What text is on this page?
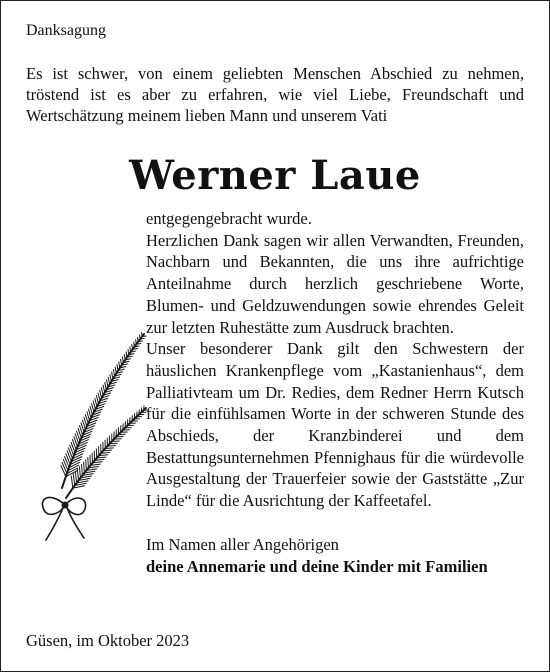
Danksagung

Es ist schwer, von einem geliebten Menschen Abschied zu nehmen, tröstend ist es aber zu erfahren, wie viel Liebe, Freundschaft und Wertschätzung meinem lieben Mann und unserem Vati

Werner Laue

entgegengebracht wurde.

Herzlichen Dank sagen wir allen Verwandten, Freunden, Nachbarn und Bekannten, die uns ihre aufrichtige Anteilnahme durch herzlich geschriebene Worte, Blumen- und Geldzuwendungen sowie ehrendes Geleit zur letzten Ruhestätte zum Ausdruck brachten.

Unser besonderer Dank gilt den Schwestern der häuslichen Krankenpflege vom „Kastanienhaus“, dem Palliativteam um Dr. Redies, dem Redner Herrn Kutsch für die einfühlsamen Worte in der schweren Stunde des Abschieds, der Kranzbinderei und dem Bestattungsunternehmen Pfennighaus für die würdevolle Ausgestaltung der Trauerfeier sowie der Gaststätte „Zur Linde“ für die Ausrichtung der Kaffeetafel.

Im Namen aller Angehörigen
deine Annemarie und deine Kinder mit Familien
Güsen, im Oktober 2023
